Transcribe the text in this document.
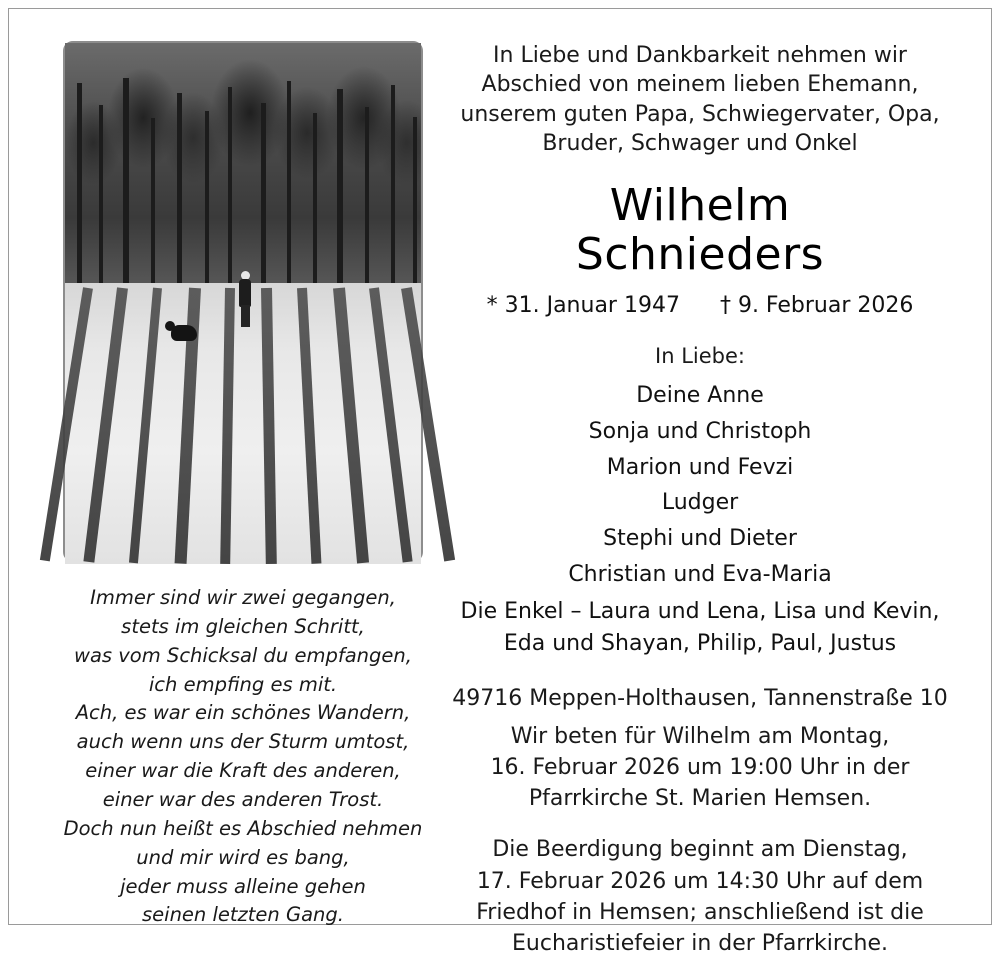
Immer sind wir zwei gegangen,
stets im gleichen Schritt,
was vom Schicksal du empfangen,
ich empfing es mit.
Ach, es war ein schönes Wandern,
auch wenn uns der Sturm umtost,
einer war die Kraft des anderen,
einer war des anderen Trost.
Doch nun heißt es Abschied nehmen
und mir wird es bang,
jeder muss alleine gehen
seinen letzten Gang.
In Liebe und Dankbarkeit nehmen wir
Abschied von meinem lieben Ehemann,
unserem guten Papa, Schwiegervater, Opa,
Bruder, Schwager und Onkel
Wilhelm
Schnieders
* 31. Januar 1947 † 9. Februar 2026
In Liebe:
Deine Anne
Sonja und Christoph
Marion und Fevzi
Ludger
Stephi und Dieter
Christian und Eva-Maria
Die Enkel – Laura und Lena, Lisa und Kevin,
Eda und Shayan, Philip, Paul, Justus
49716 Meppen-Holthausen, Tannenstraße 10
Wir beten für Wilhelm am Montag,
16. Februar 2026 um 19:00 Uhr in der
Pfarrkirche St. Marien Hemsen.
Die Beerdigung beginnt am Dienstag,
17. Februar 2026 um 14:30 Uhr auf dem
Friedhof in Hemsen; anschließend ist die
Eucharistiefeier in der Pfarrkirche.
